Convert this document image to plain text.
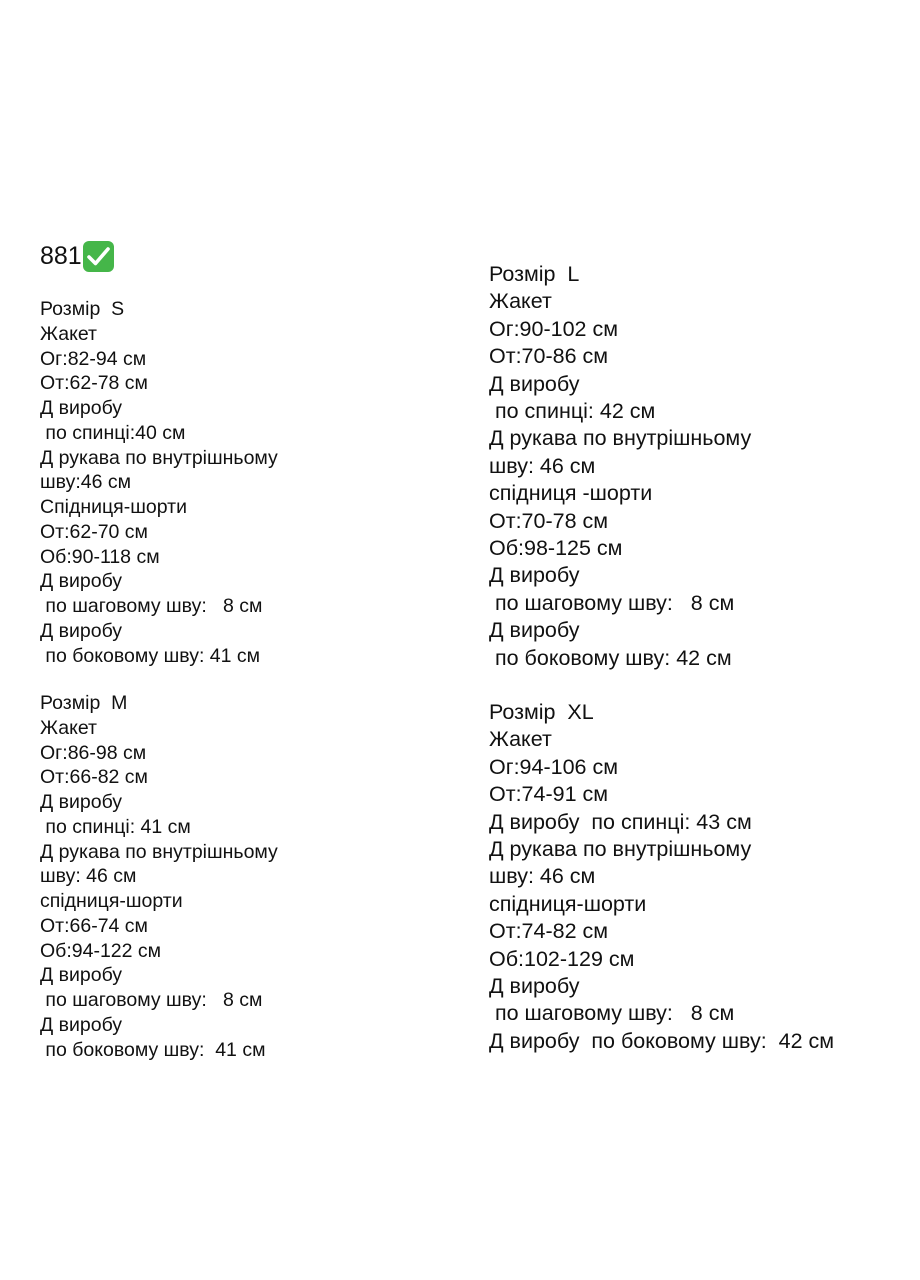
881
Розмір  S
Жакет
Ог:82-94 см
От:62-78 см
Д виробу
по спинці:40 см
Д рукава по внутрішньому
шву:46 см
Спідниця-шорти
От:62-70 см
Об:90-118 см
Д виробу
по шаговому шву:   8 см
Д виробу
по боковому шву: 41 см
Розмір  M
Жакет
Ог:86-98 см
От:66-82 см
Д виробу
по спинці: 41 см
Д рукава по внутрішньому
шву: 46 см
спідниця-шорти
От:66-74 см
Об:94-122 см
Д виробу
по шаговому шву:   8 см
Д виробу
по боковому шву:  41 см
Розмір  L
Жакет
Ог:90-102 см
От:70-86 см
Д виробу
по спинці: 42 см
Д рукава по внутрішньому
шву: 46 см
спідниця -шорти
От:70-78 см
Об:98-125 см
Д виробу
по шаговому шву:   8 см
Д виробу
по боковому шву: 42 см
Розмір  XL
Жакет
Ог:94-106 см
От:74-91 см
Д виробу  по спинці: 43 см
Д рукава по внутрішньому
шву: 46 см
спідниця-шорти
От:74-82 см
Об:102-129 см
Д виробу
по шаговому шву:   8 см
Д виробу  по боковому шву:  42 см
